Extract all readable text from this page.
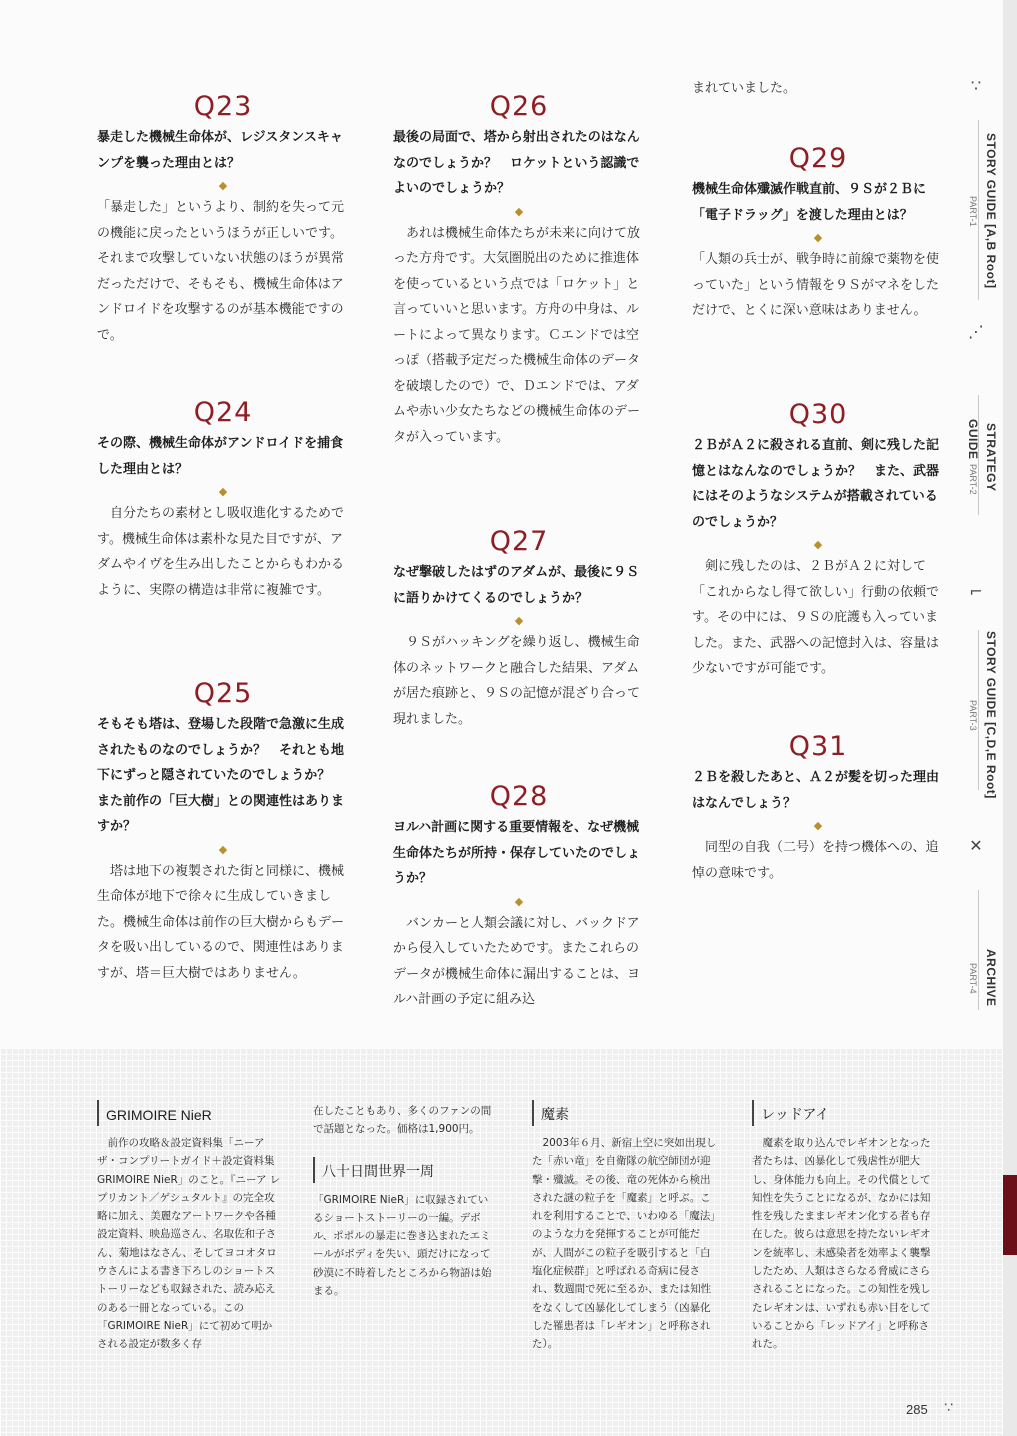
Q23

暴走した機械生命体が、レジスタンスキャンプを襲った理由とは？

◆

「暴走した」というより、制約を失って元の機能に戻ったというほうが正しいです。それまで攻撃していない状態のほうが異常だっただけで、そもそも、機械生命体はアンドロイドを攻撃するのが基本機能ですので。

Q24

その際、機械生命体がアンドロイドを捕食した理由とは？

◆

自分たちの素材とし吸収進化するためです。機械生命体は素朴な見た目ですが、アダムやイヴを生み出したことからもわかるように、実際の構造は非常に複雑です。

Q25

そもそも塔は、登場した段階で急激に生成されたものなのでしょうか？　それとも地下にずっと隠されていたのでしょうか？　また前作の「巨大樹」との関連性はありますか？

◆

塔は地下の複製された街と同様に、機械生命体が地下で徐々に生成していきました。機械生命体は前作の巨大樹からもデータを吸い出しているので、関連性はありますが、塔＝巨大樹ではありません。

Q26

最後の局面で、塔から射出されたのはなんなのでしょうか？　ロケットという認識でよいのでしょうか？

◆

あれは機械生命体たちが未来に向けて放った方舟です。大気圏脱出のために推進体を使っているという点では「ロケット」と言っていいと思います。方舟の中身は、ルートによって異なります。Ｃエンドでは空っぽ（搭載予定だった機械生命体のデータを破壊したので）で、Ｄエンドでは、アダムや赤い少女たちなどの機械生命体のデータが入っています。

Q27

なぜ撃破したはずのアダムが、最後に９Ｓに語りかけてくるのでしょうか？

◆

９Ｓがハッキングを繰り返し、機械生命体のネットワークと融合した結果、アダムが居た痕跡と、９Ｓの記憶が混ざり合って現れました。

Q28

ヨルハ計画に関する重要情報を、なぜ機械生命体たちが所持・保存していたのでしょうか？

◆

バンカーと人類会議に対し、バックドアから侵入していたためです。またこれらのデータが機械生命体に漏出することは、ヨルハ計画の予定に組み込

まれていました。

Q29

機械生命体殲滅作戦直前、９Ｓが２Ｂに「電子ドラッグ」を渡した理由とは？

◆

「人類の兵士が、戦争時に前線で薬物を使っていた」という情報を９Ｓがマネをしただけで、とくに深い意味はありません。

Q30

２ＢがＡ２に殺される直前、剣に残した記憶とはなんなのでしょうか？　また、武器にはそのようなシステムが搭載されているのでしょうか？

◆

剣に残したのは、２ＢがＡ２に対して「これからなし得て欲しい」行動の依頼です。その中には、９Ｓの庇護も入っていました。また、武器への記憶封入は、容量は少ないですが可能です。

Q31

２Ｂを殺したあと、Ａ２が髪を切った理由はなんでしょう？

◆

同型の自我（二号）を持つ機体への、追悼の意味です。

∵
STORY GUIDE [A,B Root] PART-1
⋰
STRATEGY GUIDE PART-2
⌐
STORY GUIDE [C,D,E Root] PART-3
✕
ARCHIVE PART-4

GRIMOIRE NieR

前作の攻略＆設定資料集「ニーア ザ・コンプリートガイド＋設定資料集 GRIMOIRE NieR」のこと。『ニーア レプリカント／ゲシュタルト』の完全攻略に加え、美麗なアートワークや各種設定資料、映島巡さん、名取佐和子さん、菊地はなさん、そしてヨコオタロウさんによる書き下ろしのショートストーリーなども収録された、読み応えのある一冊となっている。この「GRIMOIRE NieR」にて初めて明かされる設定が数多く存

在したこともあり、多くのファンの間で話題となった。価格は1,900円。

八十日間世界一周

「GRIMOIRE NieR」に収録されているショートストーリーの一編。デボル、ポポルの暴走に巻き込まれたエミールがボディを失い、頭だけになって砂漠に不時着したところから物語は始まる。

魔素

2003年６月、新宿上空に突如出現した「赤い竜」を自衛隊の航空師団が迎撃・殲滅。その後、竜の死体から検出された謎の粒子を「魔素」と呼ぶ。これを利用することで、いわゆる「魔法」のような力を発揮することが可能だが、人間がこの粒子を吸引すると「白塩化症候群」と呼ばれる奇病に侵され、数週間で死に至るか、または知性をなくして凶暴化してしまう（凶暴化した罹患者は「レギオン」と呼称された）。

レッドアイ

魔素を取り込んでレギオンとなった者たちは、凶暴化して残虐性が肥大し、身体能力も向上。その代償として知性を失うことになるが、なかには知性を残したままレギオン化する者も存在した。彼らは意思を持たないレギオンを統率し、未感染者を効率よく襲撃したため、人類はさらなる脅威にさらされることになった。この知性を残したレギオンは、いずれも赤い目をしていることから「レッドアイ」と呼称された。

285 ∵
